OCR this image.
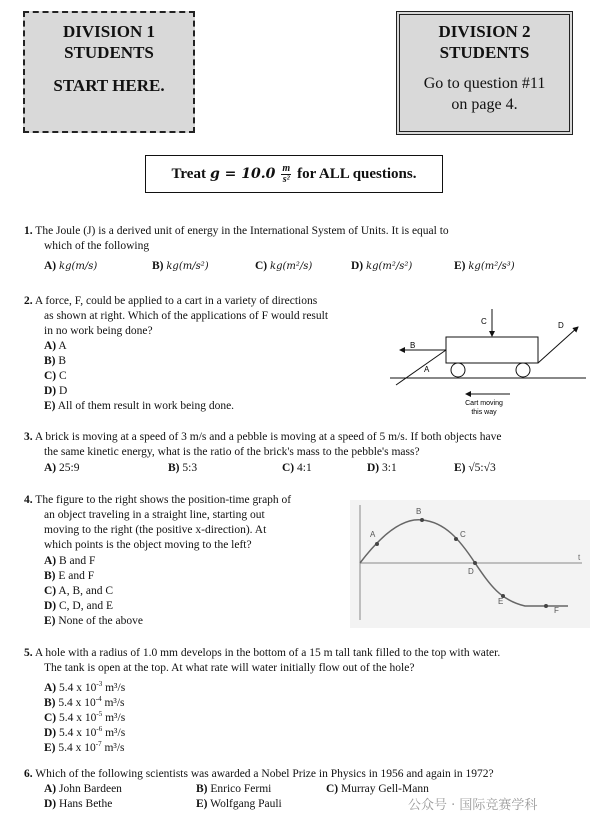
DIVISION 1
STUDENTS
START HERE.
DIVISION 2
STUDENTS
Go to question #11
on page 4.
Treat $g = 10.0 \frac{m}{\text{s²}}$ for ALL questions.
1. The Joule (J) is a derived unit of energy in the International System of Units. It is equal to
which of the following
A) kg(m/s)	B) kg(m/s²)	C) kg(m²/s)	D) kg(m²/s²)	E) kg(m²/s³)
2. A force, F, could be applied to a cart in a variety of directions
as shown at right. Which of the applications of F would result
in no work being done?
A) A
B) B
C) C
D) D
E) All of them result in work being done.
A
B
C	D
Cart moving
this way
3. A brick is moving at a speed of 3 m/s and a pebble is moving at a speed of 5 m/s. If both objects have
the same kinetic energy, what is the ratio of the brick's mass to the pebble's mass?
A) 25:9	B) 5:3	C) 4:1	D) 3:1	E) √5:√3
4. The figure to the right shows the position-time graph of
an object traveling in a straight line, starting out
moving to the right (the positive x-direction). At
which points is the object moving to the left?
A) B and F
B) E and F
C) A, B, and C
D) C, D, and E
E) None of the above
t
A
B
C
D
E
F
5. A hole with a radius of 1.0 mm develops in the bottom of a 15 m tall tank filled to the top with water.
The tank is open at the top. At what rate will water initially flow out of the hole?
A) 5.4 x $10^{-3}$ m³/s
B) 5.4 x $10^{-4}$ m³/s
C) 5.4 x $10^{-5}$ m³/s
D) 5.4 x $10^{-6}$ m³/s
E) 5.4 x $10^{-7}$ m³/s
6. Which of the following scientists was awarded a Nobel Prize in Physics in 1956 and again in 1972?
A) John Bardeen	B) Enrico Fermi	C) Murray Gell-Mann
D) Hans Bethe	E) Wolfgang Pauli	公众号 · 国际竞赛学科
